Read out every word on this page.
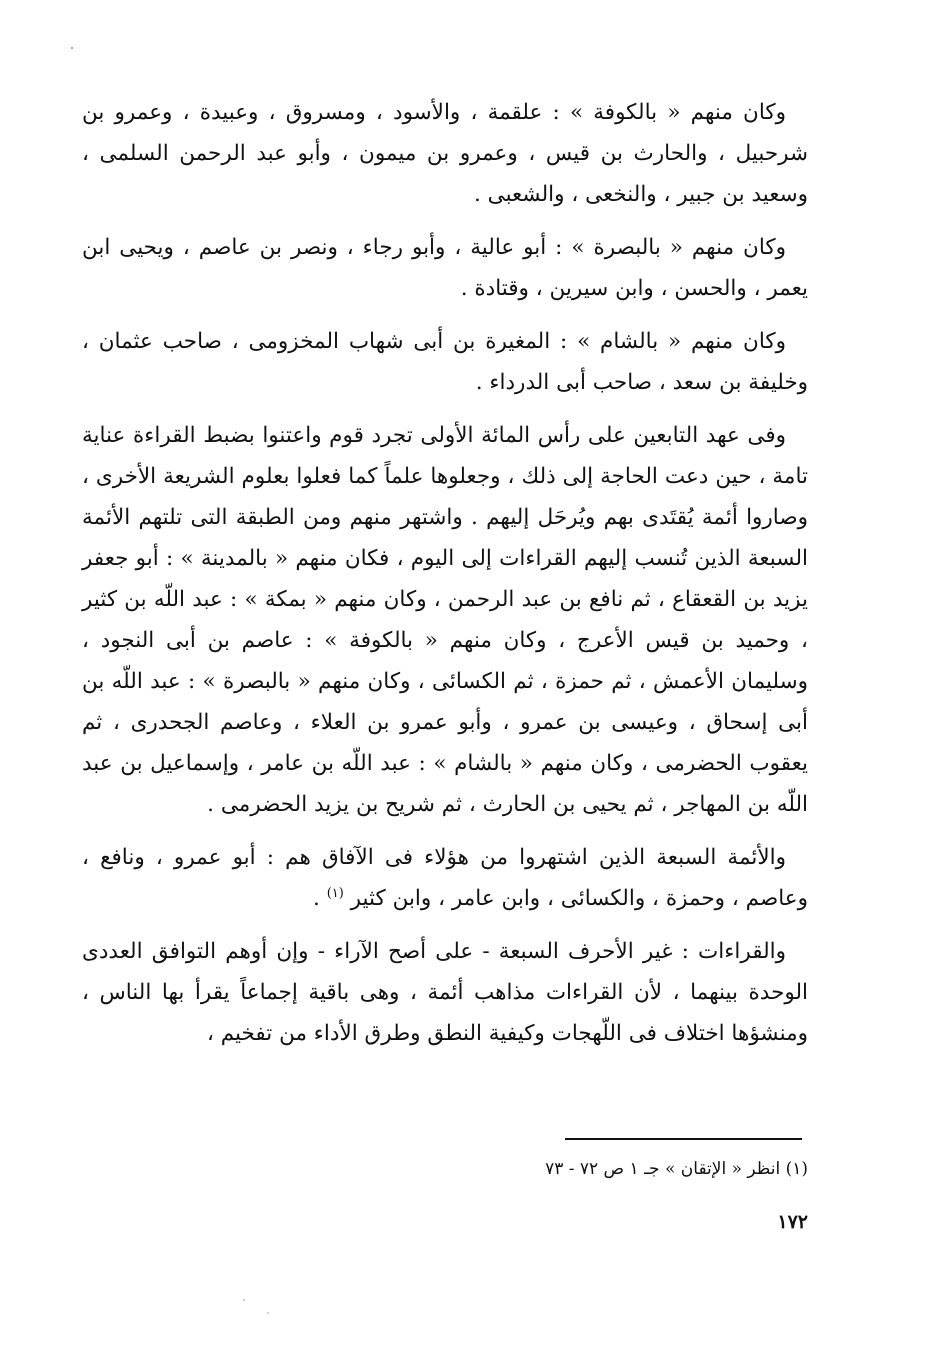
وكان منهم « بالكوفة » : علقمة ، والأسود ، ومسروق ، وعبيدة ، وعمرو بن شرحبيل ، والحارث بن قيس ، وعمرو بن ميمون ، وأبو عبد الرحمن السلمى ، وسعيد بن جبير ، والنخعى ، والشعبى .

وكان منهم « بالبصرة » : أبو عالية ، وأبو رجاء ، ونصر بن عاصم ، ويحيى ابن يعمر ، والحسن ، وابن سيرين ، وقتادة .

وكان منهم « بالشام » : المغيرة بن أبى شهاب المخزومى ، صاحب عثمان ، وخليفة بن سعد ، صاحب أبى الدرداء .

وفى عهد التابعين على رأس المائة الأولى تجرد قوم واعتنوا بضبط القراءة عناية تامة ، حين دعت الحاجة إلى ذلك ، وجعلوها علماً كما فعلوا بعلوم الشريعة الأخرى ، وصاروا أئمة يُقتَدى بهم ويُرحَل إليهم . واشتهر منهم ومن الطبقة التى تلتهم الأئمة السبعة الذين تُنسب إليهم القراءات إلى اليوم ، فكان منهم « بالمدينة » : أبو جعفر يزيد بن القعقاع ، ثم نافع بن عبد الرحمن ، وكان منهم « بمكة » : عبد اللّه بن كثير ، وحميد بن قيس الأعرج ، وكان منهم « بالكوفة » : عاصم بن أبى النجود ، وسليمان الأعمش ، ثم حمزة ، ثم الكسائى ، وكان منهم « بالبصرة » : عبد اللّه بن أبى إسحاق ، وعيسى بن عمرو ، وأبو عمرو بن العلاء ، وعاصم الجحدرى ، ثم يعقوب الحضرمى ، وكان منهم « بالشام » : عبد اللّه بن عامر ، وإسماعيل بن عبد اللّه بن المهاجر ، ثم يحيى بن الحارث ، ثم شريح بن يزيد الحضرمى .

والأئمة السبعة الذين اشتهروا من هؤلاء فى الآفاق هم : أبو عمرو ، ونافع ، وعاصم ، وحمزة ، والكسائى ، وابن عامر ، وابن كثير $^{(١)}$ .

والقراءات : غير الأحرف السبعة - على أصح الآراء - وإن أوهم التوافق العددى الوحدة بينهما ، لأن القراءات مذاهب أئمة ، وهى باقية إجماعاً يقرأ بها الناس ، ومنشؤها اختلاف فى اللّهجات وكيفية النطق وطرق الأداء من تفخيم ،

(١) انظر « الإتقان » جـ ١ ص ٧٢ - ٧٣
١٧٢
